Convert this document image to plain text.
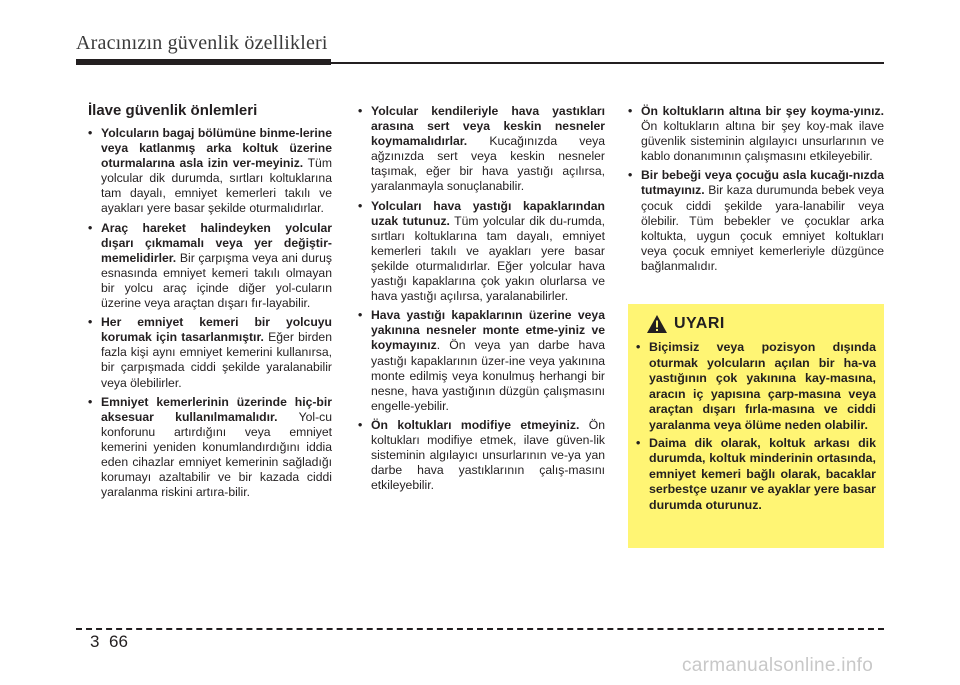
Aracınızın güvenlik özellikleri
İlave güvenlik önlemleri
• Yolcuların bagaj bölümüne binme-lerine veya katlanmış arka koltuk üzerine oturmalarına asla izin ver-meyiniz. Tüm yolcular dik durumda, sırtları koltuklarına tam dayalı, emniyet kemerleri takılı ve ayakları yere basar şekilde oturmalıdırlar.
• Araç hareket halindeyken yolcular dışarı çıkmamalı veya yer değiştir-memelidirler. Bir çarpışma veya ani duruş esnasında emniyet kemeri takılı olmayan bir yolcu araç içinde diğer yol-cuların üzerine veya araçtan dışarı fır-layabilir.
• Her emniyet kemeri bir yolcuyu korumak için tasarlanmıştır. Eğer birden fazla kişi aynı emniyet kemerini kullanırsa, bir çarpışmada ciddi şekilde yaralanabilir veya ölebilirler.
• Emniyet kemerlerinin üzerinde hiç-bir aksesuar kullanılmamalıdır. Yol-cu konforunu artırdığını veya emniyet kemerini yeniden konumlandırdığını iddia eden cihazlar emniyet kemerinin sağladığı korumayı azaltabilir ve bir kazada ciddi yaralanma riskini artıra-bilir.
• Yolcular kendileriyle hava yastıkları arasına sert veya keskin nesneler koymamalıdırlar. Kucağınızda veya ağzınızda sert veya keskin nesneler taşımak, eğer bir hava yastığı açılırsa, yaralanmayla sonuçlanabilir.
• Yolcuları hava yastığı kapaklarından uzak tutunuz. Tüm yolcular dik du-rumda, sırtları koltuklarına tam dayalı, emniyet kemerleri takılı ve ayakları yere basar şekilde oturmalıdırlar. Eğer yolcular hava yastığı kapaklarına çok yakın olurlarsa ve hava yastığı açılırsa, yaralanabilirler.
• Hava yastığı kapaklarının üzerine veya yakınına nesneler monte etme-yiniz ve koymayınız. Ön veya yan darbe hava yastığı kapaklarının üzer-ine veya yakınına monte edilmiş veya konulmuş herhangi bir nesne, hava yastığının düzgün çalışmasını engelle-yebilir.
• Ön koltukları modifiye etmeyiniz. Ön koltukları modifiye etmek, ilave güven-lik sisteminin algılayıcı unsurlarının ve-ya yan darbe hava yastıklarının çalış-masını etkileyebilir.
• Ön koltukların altına bir şey koyma-yınız. Ön koltukların altına bir şey koy-mak ilave güvenlik sisteminin algılayıcı unsurlarının ve kablo donanımının çalışmasını etkileyebilir.
• Bir bebeği veya çocuğu asla kucağı-nızda tutmayınız. Bir kaza durumunda bebek veya çocuk ciddi şekilde yara-lanabilir veya ölebilir. Tüm bebekler ve çocuklar arka koltukta, uygun çocuk emniyet koltukları veya çocuk emniyet kemerleriyle düzgünce bağlanmalıdır.
UYARI
• Biçimsiz veya pozisyon dışında oturmak yolcuların açılan bir ha-va yastığının çok yakınına kay-masına, aracın iç yapısına çarp-masına veya araçtan dışarı fırla-masına ve ciddi yaralanma veya ölüme neden olabilir.
• Daima dik olarak, koltuk arkası dik durumda, koltuk minderinin ortasında, emniyet kemeri bağlı olarak, bacaklar serbestçe uzanır ve ayaklar yere basar durumda oturunuz.
3 66
carmanualsonline.info
